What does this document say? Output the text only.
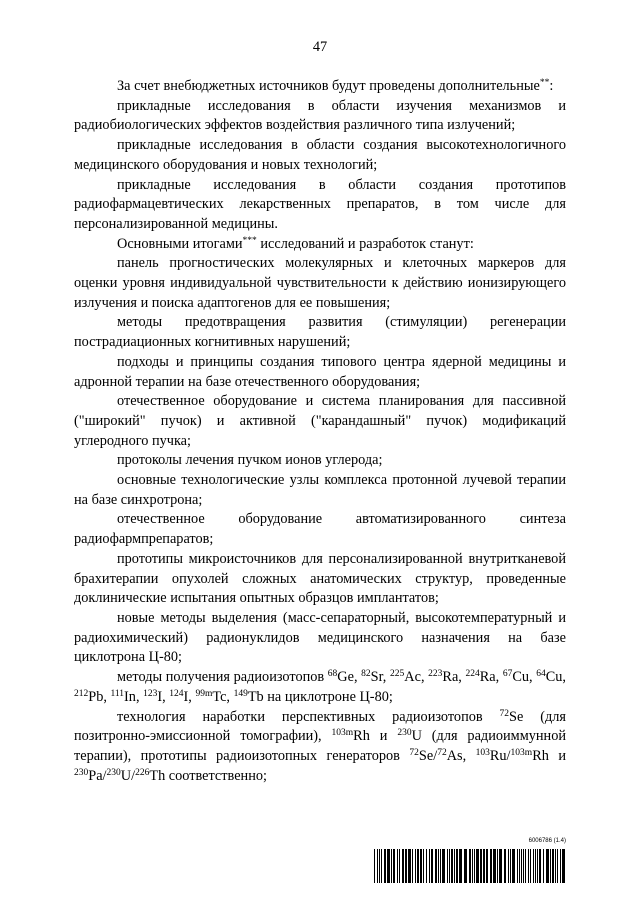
47

За счет внебюджетных источников будут проведены дополнительные**:

прикладные исследования в области изучения механизмов и радиобиологических эффектов воздействия различного типа излучений;

прикладные исследования в области создания высокотехнологичного медицинского оборудования и новых технологий;

прикладные исследования в области создания прототипов радиофармацевтических лекарственных препаратов, в том числе для персонализированной медицины.

Основными итогами*** исследований и разработок станут:

панель прогностических молекулярных и клеточных маркеров для оценки уровня индивидуальной чувствительности к действию ионизирующего излучения и поиска адаптогенов для ее повышения;

методы предотвращения развития (стимуляции) регенерации пострадиационных когнитивных нарушений;

подходы и принципы создания типового центра ядерной медицины и адронной терапии на базе отечественного оборудования;

отечественное оборудование и система планирования для пассивной ("широкий" пучок) и активной ("карандашный" пучок) модификаций углеродного пучка;

протоколы лечения пучком ионов углерода;

основные технологические узлы комплекса протонной лучевой терапии на базе синхротрона;

отечественное оборудование автоматизированного синтеза радиофармпрепаратов;

прототипы микроисточников для персонализированной внутритканевой брахитерапии опухолей сложных анатомических структур, проведенные доклинические испытания опытных образцов имплантатов;

новые методы выделения (масс-сепараторный, высокотемпературный и радиохимический) радионуклидов медицинского назначения на базе циклотрона Ц-80;

методы получения радиоизотопов $^{68}$Ge, $^{82}$Sr, $^{225}$Ac, $^{223}$Ra, $^{224}$Ra, $^{67}$Cu, $^{64}$Cu, $^{212}$Pb, $^{111}$In, $^{123}$I, $^{124}$I, $^{99m}$Tc, $^{149}$Tb на циклотроне Ц-80;

технология наработки перспективных радиоизотопов $^{72}$Se (для позитронно-эмиссионной томографии), $^{103m}$Rh и $^{230}$U (для радиоиммунной терапии), прототипы радиоизотопных генераторов $^{72}$Se/$^{72}$As, $^{103}$Ru/$^{103m}$Rh и $^{230}$Pa/$^{230}$U/$^{226}$Th соответственно;

6006786 (1.4)
